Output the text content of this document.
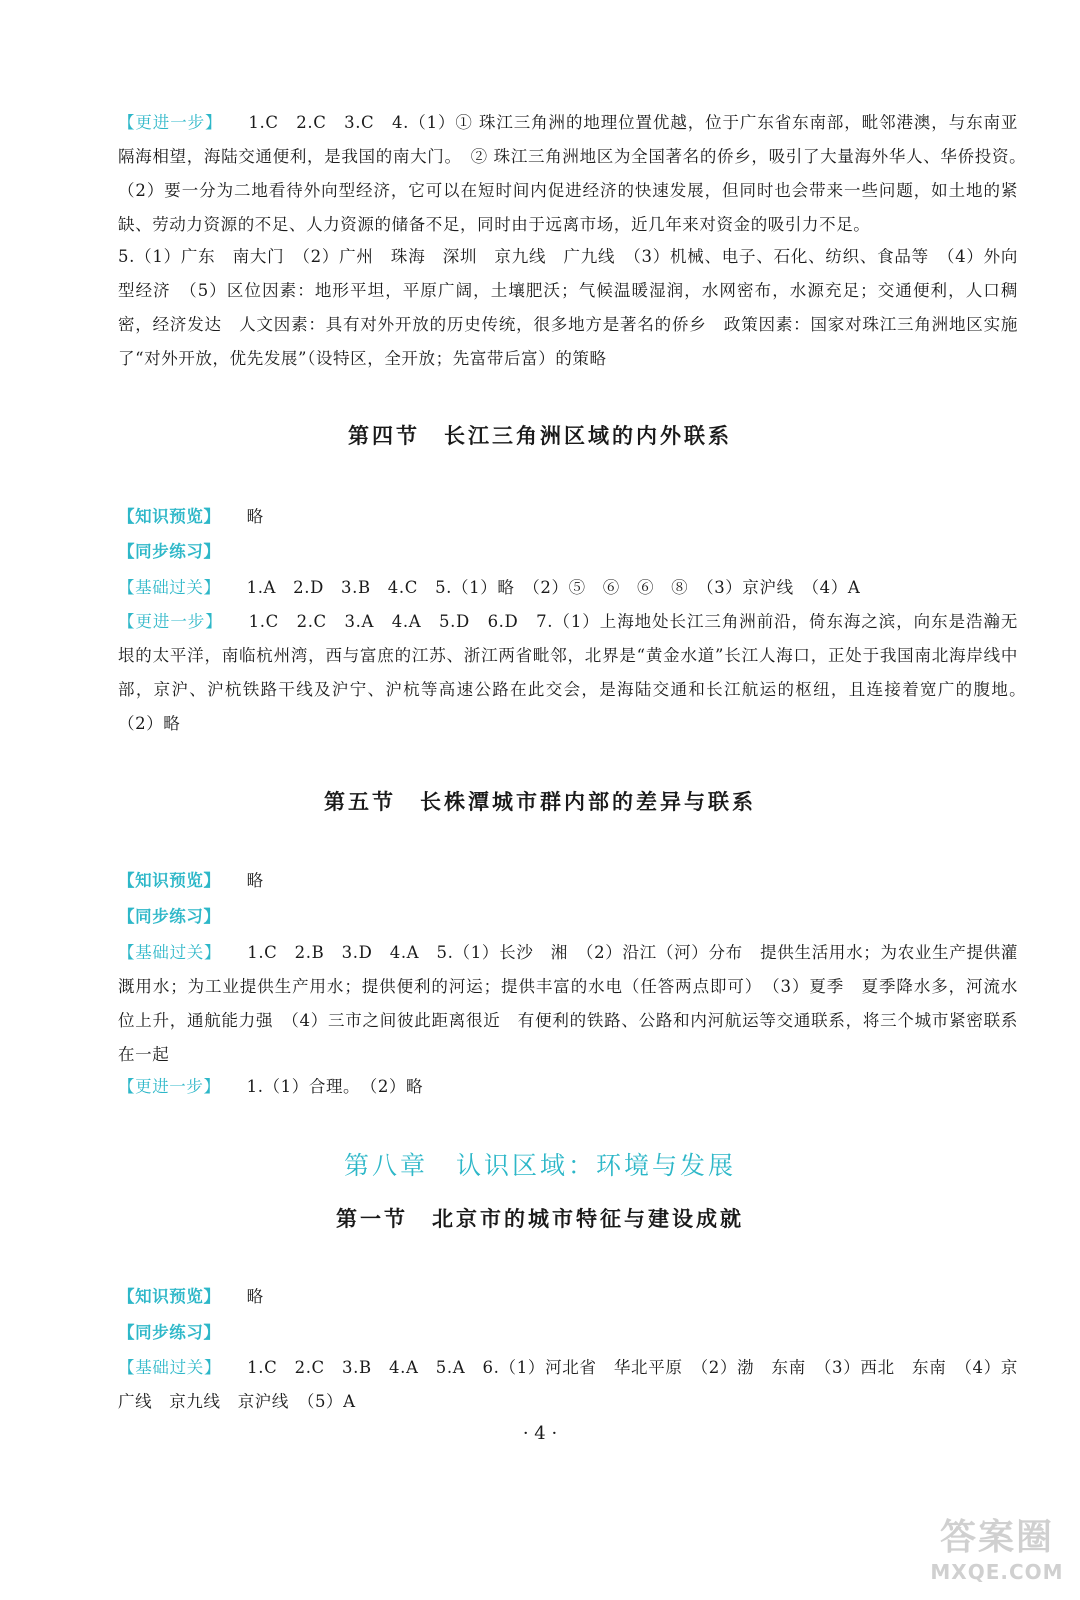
【更进一步】 1.C　2.C　3.C　4.（1）① 珠江三角洲的地理位置优越，位于广东省东南部，毗邻港澳，与东南亚隔海相望，海陆交通便利，是我国的南大门。　② 珠江三角洲地区为全国著名的侨乡，吸引了大量海外华人、华侨投资。　（2）要一分为二地看待外向型经济，它可以在短时间内促进经济的快速发展，但同时也会带来一些问题，如土地的紧缺、劳动力资源的不足、人力资源的储备不足，同时由于远离市场，近几年来对资金的吸引力不足。

5.（1）广东　南大门　（2）广州　珠海　深圳　京九线　广九线　（3）机械、电子、石化、纺织、食品等　（4）外向型经济　（5）区位因素：地形平坦，平原广阔，土壤肥沃；气候温暖湿润，水网密布，水源充足；交通便利，人口稠密，经济发达　人文因素：具有对外开放的历史传统，很多地方是著名的侨乡　政策因素：国家对珠江三角洲地区实施了“对外开放，优先发展”（设特区，全开放；先富带后富）的策略

第四节　长江三角洲区域的内外联系
【知识预览】 略
【同步练习】
【基础过关】 1.A　2.D　3.B　4.C　5.（1）略　（2）⑤　⑥　⑥　⑧　（3）京沪线　（4）A

【更进一步】 1.C　2.C　3.A　4.A　5.D　6.D　7.（1）上海地处长江三角洲前沿，倚东海之滨，向东是浩瀚无垠的太平洋，南临杭州湾，西与富庶的江苏、浙江两省毗邻，北界是“黄金水道”长江人海口，正处于我国南北海岸线中部，京沪、沪杭铁路干线及沪宁、沪杭等高速公路在此交会，是海陆交通和长江航运的枢纽，且连接着宽广的腹地。　（2）略

第五节　长株潭城市群内部的差异与联系
【知识预览】 略
【同步练习】

【基础过关】 1.C　2.B　3.D　4.A　5.（1）长沙　湘　（2）沿江（河）分布　提供生活用水；为农业生产提供灌溉用水；为工业提供生产用水；提供便利的河运；提供丰富的水电（任答两点即可）　（3）夏季　夏季降水多，河流水位上升，通航能力强　（4）三市之间彼此距离很近　有便利的铁路、公路和内河航运等交通联系，将三个城市紧密联系在一起

【更进一步】 1.（1）合理。　（2）略
第八章　认识区域：环境与发展
第一节　北京市的城市特征与建设成就
【知识预览】 略
【同步练习】

【基础过关】 1.C　2.C　3.B　4.A　5.A　6.（1）河北省　华北平原　（2）渤　东南　（3）西北　东南　（4）京广线　京九线　京沪线　（5）A

· 4 ·
答案圈
MXQE.COM
